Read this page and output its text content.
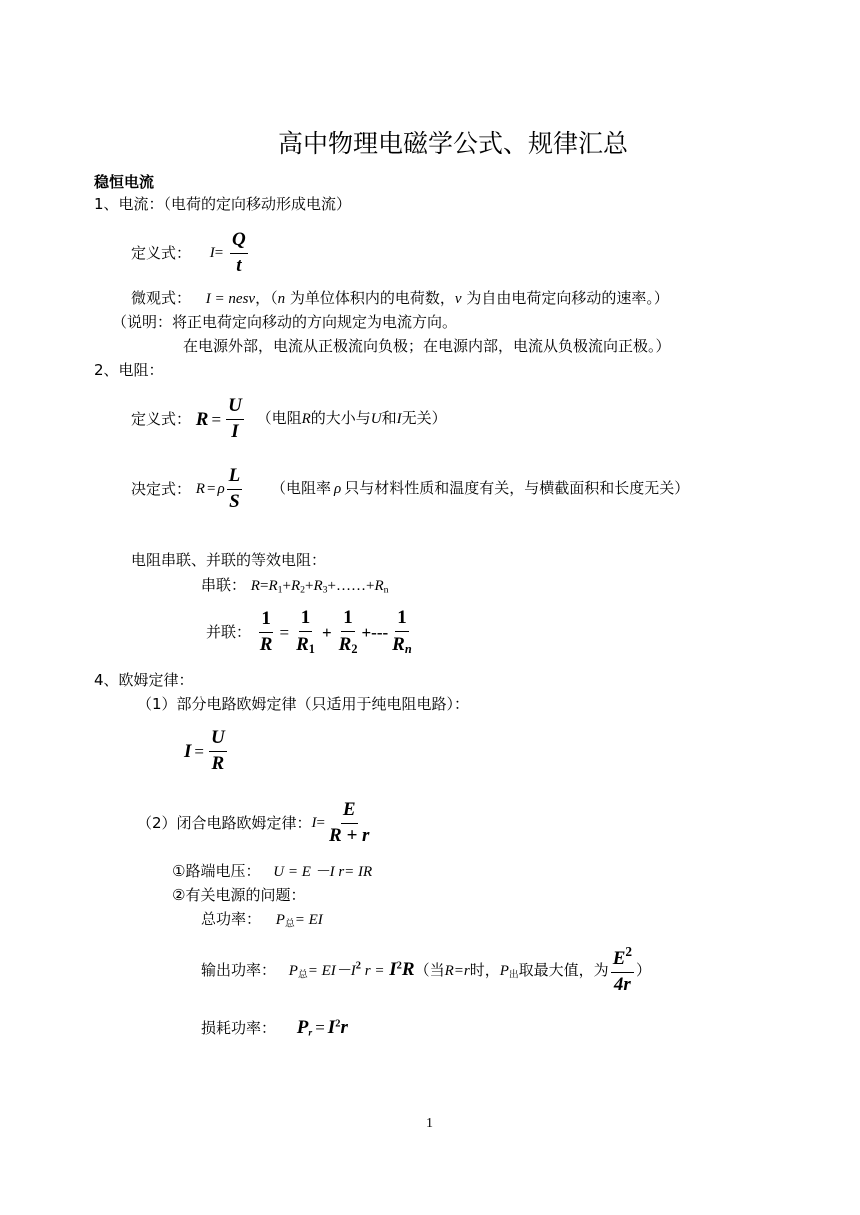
高中物理电磁学公式、规律汇总
稳恒电流
1、电流：（电荷的定向移动形成电流）
定义式： $I= \frac{Q}{t}$
微观式： I = nesv，（n 为单位体积内的电荷数，v 为自由电荷定向移动的速率。）
（说明：将正电荷定向移动的方向规定为电流方向。
在电源外部，电流从正极流向负极；在电源内部，电流从负极流向正极。）
2、电阻：
定义式： $R = \frac{U}{I}$ （电阻R的大小与U和I无关）
决定式： R = ρ $\frac{L}{S}$ （电阻率 ρ 只与材料性质和温度有关，与横截面积和长度无关）
电阻串联、并联的等效电阻：
串联： $R=R_1+R_2+R_3+\dots\dots+R_n$
并联： $\frac{1}{R} = \frac{1}{R_1} + \frac{1}{R_2}$ +--- $\frac{1}{R_n}$
4、欧姆定律：
（1）部分电路欧姆定律（只适用于纯电阻电路）：
$I = \frac{U}{R}$
（2）闭合电路欧姆定律：$I= \frac{E}{R + r}$
①路端电压： U = E －I r= IR
②有关电源的问题：
总功率： $P_总=$ EI
输出功率： $P_总= EI-I^2$ $r = I^2R$（当R=r时，$P_出$取最大值，为 $\frac{E^2}{4r}$ ）
损耗功率： $P_r = I^2r$
1
